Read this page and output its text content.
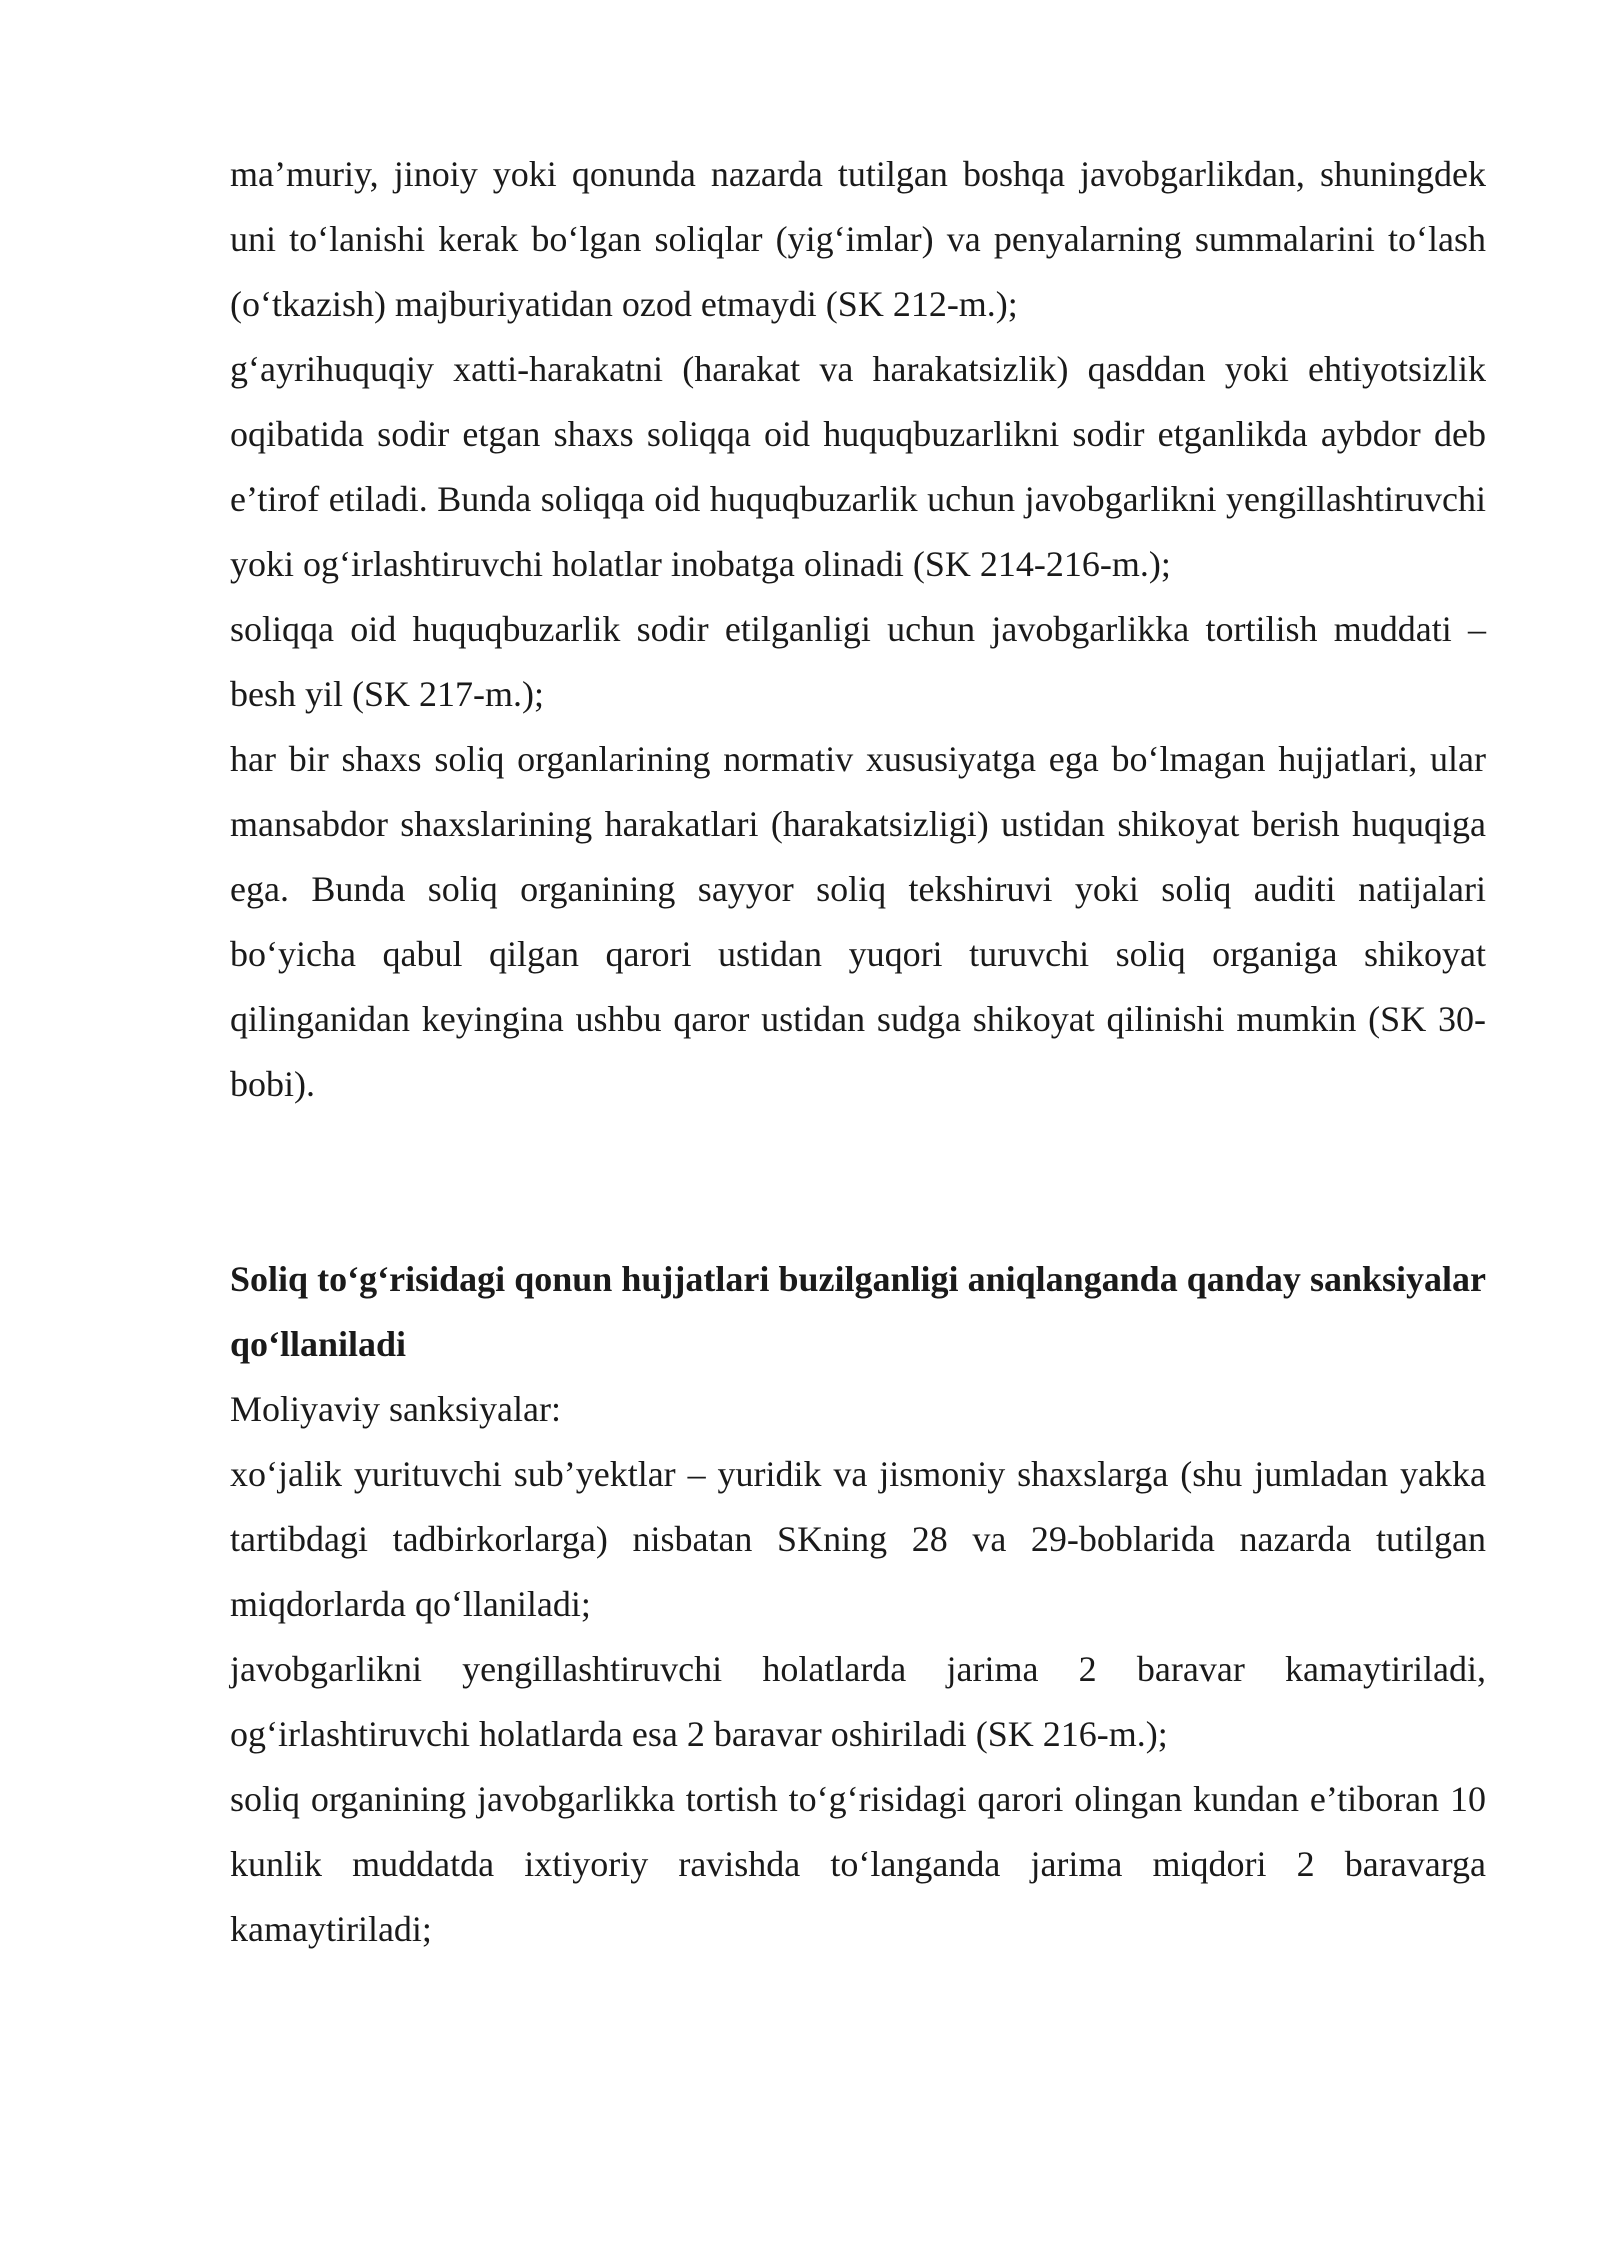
ma’muriy, jinoiy yoki qonunda nazarda tutilgan boshqa javobgarlikdan, shuningdek uni to‘lanishi kerak bo‘lgan soliqlar (yig‘imlar) va penyalarning summalarini to‘lash (o‘tkazish) majburiyatidan ozod etmaydi (SK 212-m.);

g‘ayrihuquqiy xatti-harakatni (harakat va harakatsizlik) qasddan yoki ehtiyotsizlik oqibatida sodir etgan shaxs soliqqa oid huquqbuzarlikni sodir etganlikda aybdor deb e’tirof etiladi. Bunda soliqqa oid huquqbuzarlik uchun javobgarlikni yengillashtiruvchi yoki og‘irlashtiruvchi holatlar inobatga olinadi (SK 214-216-m.);

soliqqa oid huquqbuzarlik sodir etilganligi uchun javobgarlikka tortilish muddati – besh yil (SK 217-m.);

har bir shaxs soliq organlarining normativ xususiyatga ega bo‘lmagan hujjatlari, ular mansabdor shaxslarining harakatlari (harakatsizligi) ustidan shikoyat berish huquqiga ega. Bunda soliq organining sayyor soliq tekshiruvi yoki soliq auditi natijalari bo‘yicha qabul qilgan qarori ustidan yuqori turuvchi soliq organiga shikoyat qilinganidan keyingina ushbu qaror ustidan sudga shikoyat qilinishi mumkin (SK 30-bobi).

Soliq to‘g‘risidagi qonun hujjatlari buzilganligi aniqlanganda qanday sanksiyalar qo‘llaniladi

Moliyaviy sanksiyalar:

xo‘jalik yurituvchi sub’yektlar – yuridik va jismoniy shaxslarga (shu jumladan yakka tartibdagi tadbirkorlarga) nisbatan SKning 28 va 29-boblarida nazarda tutilgan miqdorlarda qo‘llaniladi;

javobgarlikni yengillashtiruvchi holatlarda jarima 2 baravar kamaytiriladi, og‘irlashtiruvchi holatlarda esa 2 baravar oshiriladi (SK 216-m.);

soliq organining javobgarlikka tortish to‘g‘risidagi qarori olingan kundan e’tiboran 10 kunlik muddatda ixtiyoriy ravishda to‘langanda jarima miqdori 2 baravarga kamaytiriladi;
